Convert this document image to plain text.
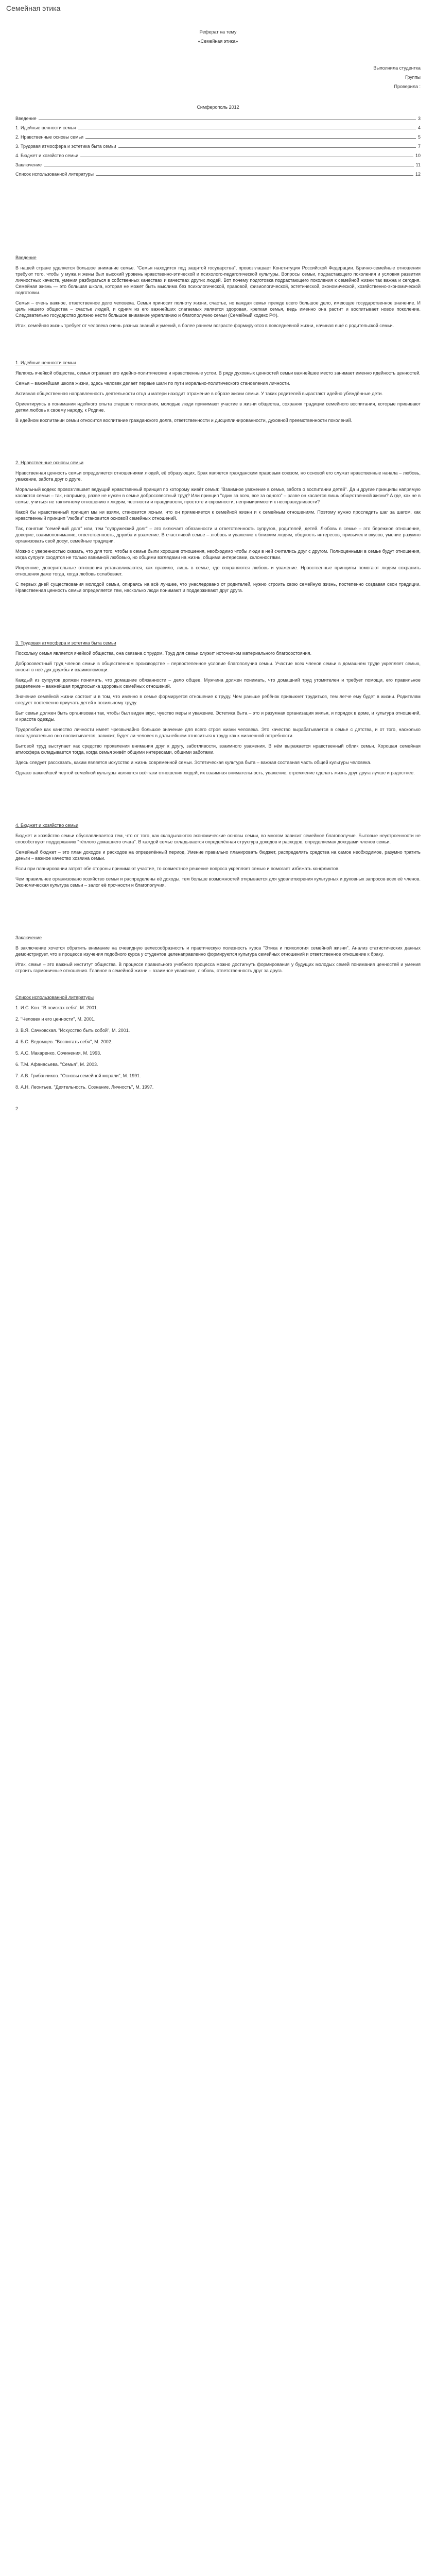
Семейная этика

Реферат на тему

«Семейная этика»

Выполнила студентка

Группы

Проверила :

Симферополь 2012
Введение	3
1. Идейные ценности семьи	4
2. Нравственные основы семьи	5
3. Трудовая атмосфера и эстетика быта семьи	7
4. Бюджет и хозяйство семьи	10
Заключение	11
Список использованной литературы	12

Введение

В нашей стране уделяется большое внимание семье. "Семья находится под защитой государства", провозглашает Конституция Российской Федерации. Брачно-семейные отношения требуют того, чтобы у мужа и жены был высокий уровень нравственно-этической и психолого-педагогической культуры. Вопросы семьи, подрастающего поколения и условия развития личностных качеств, умения разбираться в собственных качествах и качествах других людей. Вот почему подготовка подрастающего поколения к семейной жизни так важна и сегодня. Семейная жизнь — это большая школа, которая не может быть мыслима без психологической, правовой, физиологической, эстетической, экономической, хозяйственно-экономической подготовки.

Семья – очень важное, ответственное дело человека. Семья приносит полноту жизни, счастье, но каждая семья прежде всего большое дело, имеющее государственное значение. И цель нашего общества – счастье людей, и одним из его важнейших слагаемых является здоровая, крепкая семья, ведь именно она растит и воспитывает новое поколение. Следовательно государство должно нести большое внимание укреплению и благополучию семьи (Семейный кодекс РФ).

Итак, семейная жизнь требует от человека очень разных знаний и умений, в более раннем возрасте формируются в повседневной жизни, начиная ещё с родительской семьи.

1. Идейные ценности семьи

Являясь ячейкой общества, семья отражает его идейно-политические и нравственные устои. В ряду духовных ценностей семьи важнейшее место занимает именно идейность ценностей.

Семья – важнейшая школа жизни, здесь человек делает первые шаги по пути морально-политического становления личности.

Активная общественная направленность деятельности отца и матери находит отражение в образе жизни семьи. У таких родителей вырастают идейно убеждённые дети.

Ориентируясь в понимании идейного опыта старшего поколения, молодые люди принимают участие в жизни общества, сохраняя традиции семейного воспитания, которые прививают детям любовь к своему народу, к Родине.

В идейном воспитании семьи относится воспитание гражданского долга, ответственности и дисциплинированности, духовной преемственности поколений.

2. Нравственные основы семьи

Нравственная ценность семьи определяется отношениями людей, её образующих. Брак является гражданским правовым союзом, но основой его служат нравственные начала – любовь, уважение, забота друг о друге.

Моральный кодекс провозглашает ведущий нравственный принцип по которому живёт семья: "Взаимное уважение в семье, забота о воспитании детей". Да и другие принципы напрямую касаются семьи – так, например, разве не нужен в семье добросовестный труд? Или принцип "один за всех, все за одного" – разве он касается лишь общественной жизни? А где, как не в семье, учиться не тактичному отношению к людям, честности и правдивости, простоте и скромности, непримиримости к несправедливости?

Какой бы нравственный принцип мы ни взяли, становится ясным, что он применяется к семейной жизни и к семейным отношениям. Поэтому нужно проследить шаг за шагом, как нравственный принцип "любви" становится основой семейных отношений.

Так, понятие "семейный долг" или, тем "супружеский долг" – это включает обязанности и ответственность супругов, родителей, детей. Любовь в семье – это бережное отношение, доверие, взаимопонимание, ответственность, дружба и уважение. В счастливой семье – любовь и уважение к близким людям, общность интересов, привычек и вкусов, умение разумно организовать свой досуг, семейные традиции.

Можно с уверенностью сказать, что для того, чтобы в семье были хорошие отношения, необходимо чтобы люди в ней считались друг с другом. Полноценными в семье будут отношения, когда супруги сходятся не только взаимной любовью, но общими взглядами на жизнь, общими интересами, склонностями.

Искренние, доверительные отношения устанавливаются, как правило, лишь в семье, где сохраняются любовь и уважение. Нравственные принципы помогают людям сохранить отношения даже тогда, когда любовь ослабевает.

С первых дней существования молодой семьи, опираясь на всё лучшее, что унаследовано от родителей, нужно строить свою семейную жизнь, постепенно создавая свои традиции. Нравственная ценность семьи определяется тем, насколько люди понимают и поддерживают друг друга.

3. Трудовая атмосфера и эстетика быта семьи

Поскольку семья является ячейкой общества, она связана с трудом. Труд для семьи служит источником материального благосостояния.

Добросовестный труд членов семьи в общественном производстве – первостепенное условие благополучия семьи. Участие всех членов семьи в домашнем труде укрепляет семью, вносит в неё дух дружбы и взаимопомощи.

Каждый из супругов должен понимать, что домашние обязанности – дело общее. Мужчина должен понимать, что домашний труд утомителен и требует помощи, его правильное разделение – важнейшая предпосылка здоровых семейных отношений.

Значение семейной жизни состоит и в том, что именно в семье формируется отношение к труду. Чем раньше ребёнок привыкнет трудиться, тем легче ему будет в жизни. Родителям следует постепенно приучать детей к посильному труду.

Быт семьи должен быть организован так, чтобы был виден вкус, чувство меры и уважение. Эстетика быта – это и разумная организация жилья, и порядок в доме, и культура отношений, и красота одежды.

Трудолюбие как качество личности имеет чрезвычайно большое значение для всего строя жизни человека. Это качество вырабатывается в семье с детства, и от того, насколько последовательно оно воспитывается, зависит, будет ли человек в дальнейшем относиться к труду как к жизненной потребности.

Бытовой труд выступает как средство проявления внимания друг к другу, заботливости, взаимного уважения. В нём выражается нравственный облик семьи. Хорошая семейная атмосфера складывается тогда, когда семья живёт общими интересами, общими заботами.

Здесь следует рассказать, каким является искусство и жизнь современной семьи. Эстетическая культура быта – важная составная часть общей культуры человека.

Однако важнейшей чертой семейной культуры являются всё-таки отношения людей, их взаимная внимательность, уважение, стремление сделать жизнь друг друга лучше и радостнее.

4. Бюджет и хозяйство семьи

Бюджет и хозяйство семьи обуславливается тем, что от того, как складываются экономические основы семьи, во многом зависит семейное благополучие. Бытовые неустроенности не способствуют поддержанию "тёплого домашнего очага". В каждой семье складывается определённая структура доходов и расходов, определяемая доходами членов семьи.

Семейный бюджет – это план доходов и расходов на определённый период. Умение правильно планировать бюджет, распределять средства на самое необходимое, разумно тратить деньги – важное качество хозяина семьи.

Если при планировании затрат обе стороны принимают участие, то совместное решение вопроса укрепляет семью и помогает избежать конфликтов.

Чем правильнее организовано хозяйство семьи и распределены её доходы, тем больше возможностей открывается для удовлетворения культурных и духовных запросов всех её членов. Экономическая культура семьи – залог её прочности и благополучия.

Заключение

В заключение хочется обратить внимание на очевидную целесообразность и практическую полезность курса "Этика и психология семейной жизни". Анализ статистических данных демонстрирует, что в процессе изучения подобного курса у студентов целенаправленно формируются культура семейных отношений и ответственное отношение к браку.

Итак, семья – это важный институт общества. В процессе правильного учебного процесса можно достигнуть формирования у будущих молодых семей понимания ценностей и умения строить гармоничные отношения. Главное в семейной жизни – взаимное уважение, любовь, ответственность друг за друга.

Список использованной литературы

1. И.С. Кон. "В поисках себя", М. 2001.
2. "Человек и его ценности", М. 2001.
3. В.Я. Сачковская. "Искусство быть собой", М. 2001.
4. Б.С. Ведомцев. "Воспитать себя", М. 2002.
5. А.С. Макаренко. Сочинения, М. 1993.
6. Т.М. Афанасьева. "Семья", М. 2003.
7. А.В. Грибанчиков. "Основы семейной морали", М. 1991.
8. А.Н. Леонтьев. "Деятельность. Сознание. Личность", М. 1997.
2
